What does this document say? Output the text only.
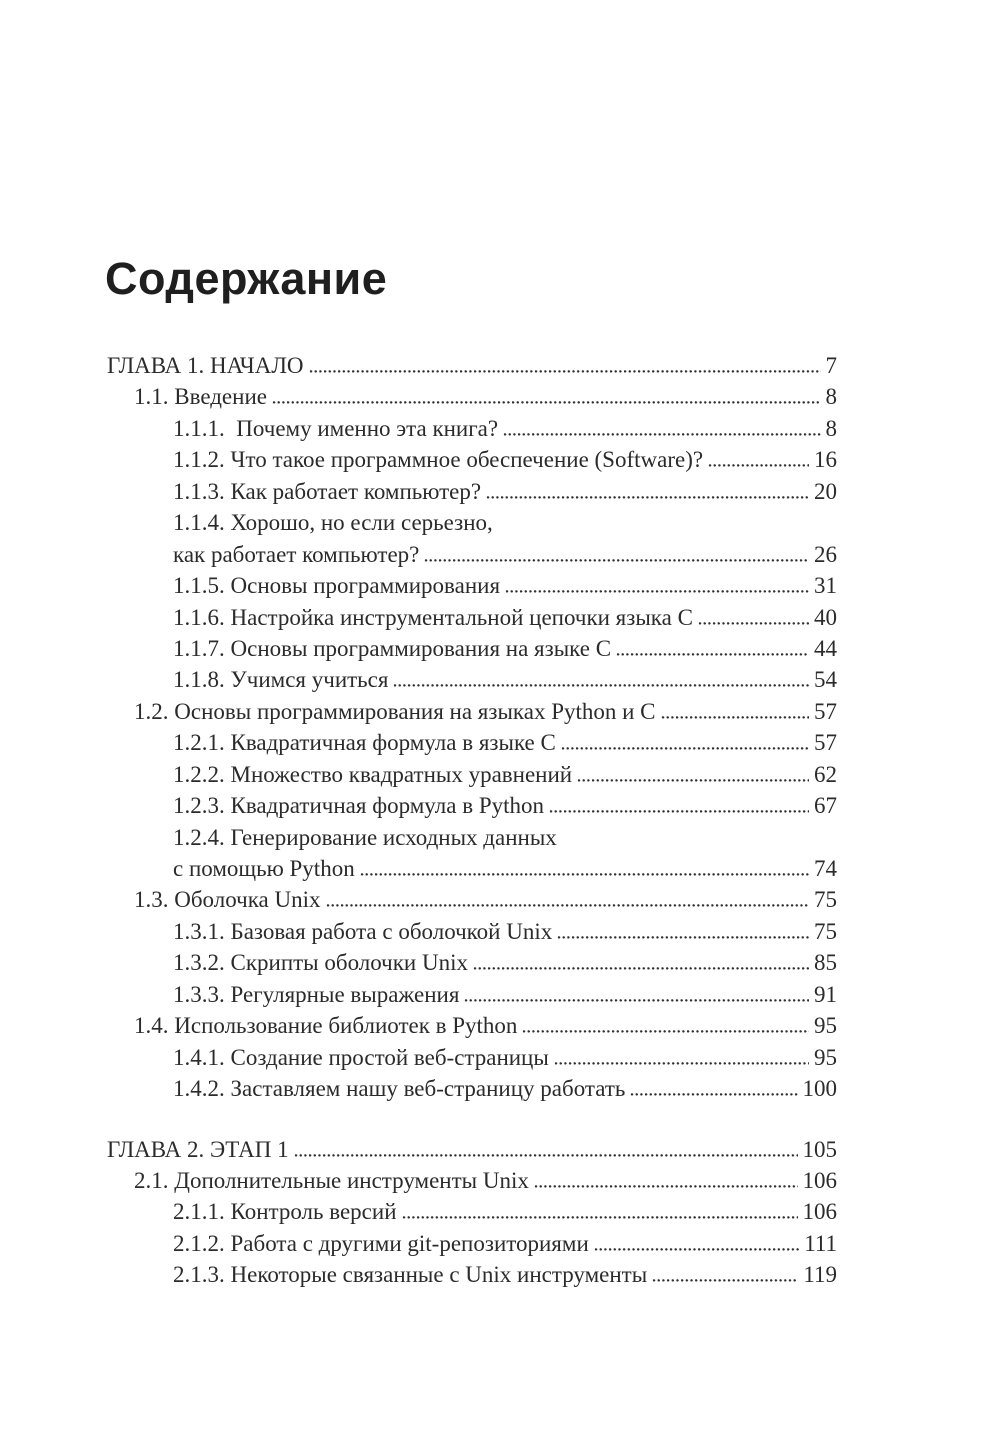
Содержание
ГЛАВА 1. НАЧАЛО	7
1.1. Введение	8
1.1.1.  Почему именно эта книга?	8
1.1.2. Что такое программное обеспечение (Software)?	16
1.1.3. Как работает компьютер?	20
1.1.4. Хорошо, но если серьезно,
как работает компьютер?	26
1.1.5. Основы программирования	31
1.1.6. Настройка инструментальной цепочки языка C	40
1.1.7. Основы программирования на языке C	44
1.1.8. Учимся учиться	54
1.2. Основы программирования на языках Python и C	57
1.2.1. Квадратичная формула в языке C	57
1.2.2. Множество квадратных уравнений	62
1.2.3. Квадратичная формула в Python	67
1.2.4. Генерирование исходных данных
с помощью Python	74
1.3. Оболочка Unix	75
1.3.1. Базовая работа с оболочкой Unix	75
1.3.2. Скрипты оболочки Unix	85
1.3.3. Регулярные выражения	91
1.4. Использование библиотек в Python	95
1.4.1. Создание простой веб-страницы	95
1.4.2. Заставляем нашу веб-страницу работать	100
ГЛАВА 2. ЭТАП 1	105
2.1. Дополнительные инструменты Unix	106
2.1.1. Контроль версий	106
2.1.2. Работа с другими git-репозиториями	111
2.1.3. Некоторые связанные с Unix инструменты	119
